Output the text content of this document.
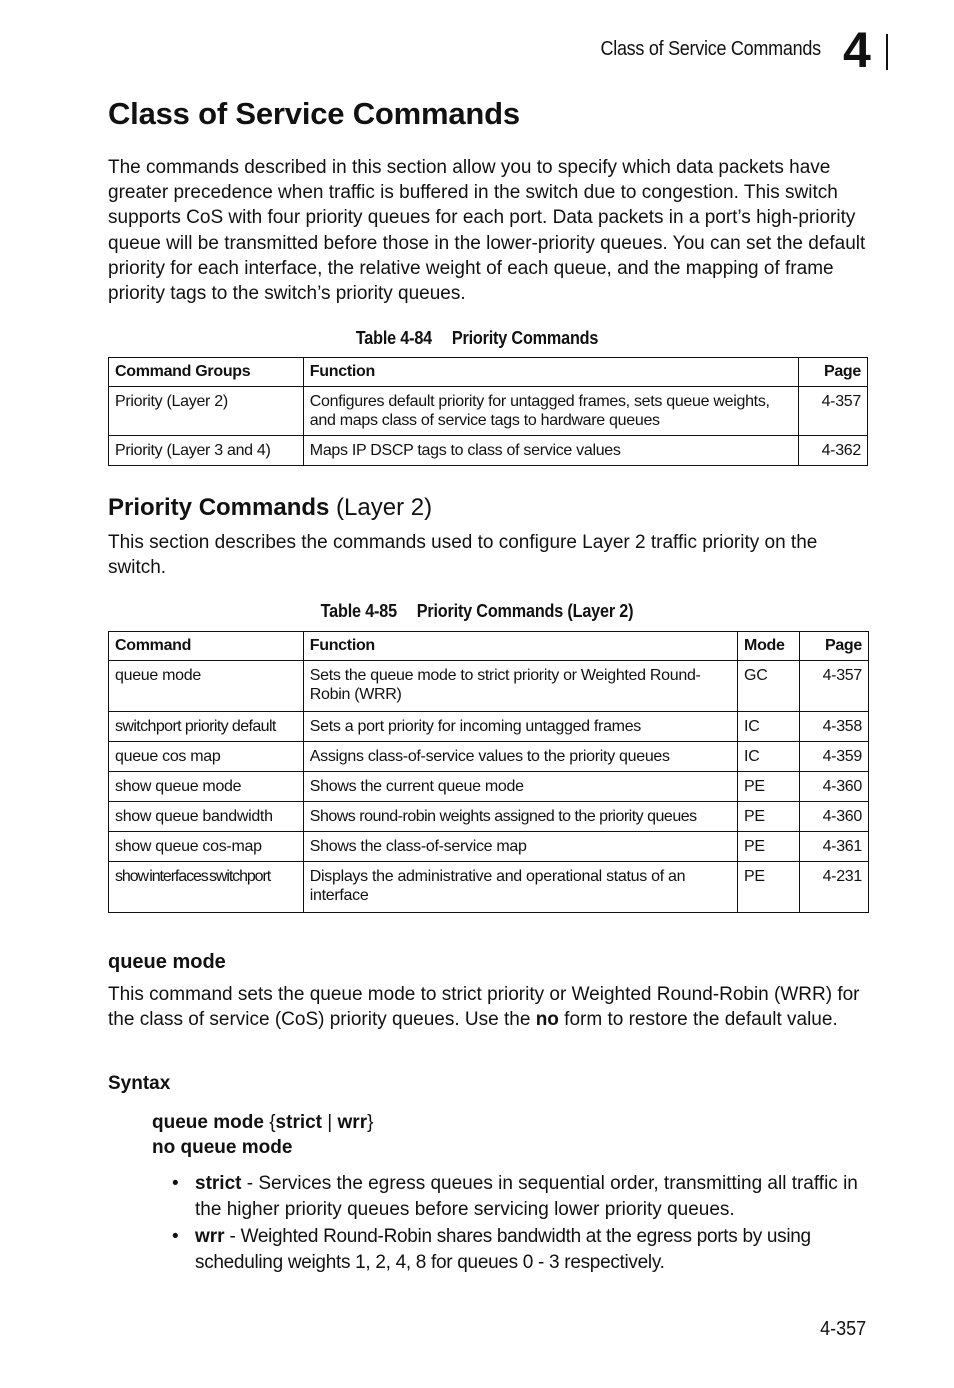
Class of Service Commands 4
Class of Service Commands

The commands described in this section allow you to specify which data packets have greater precedence when traffic is buffered in the switch due to congestion. This switch supports CoS with four priority queues for each port. Data packets in a port’s high-priority queue will be transmitted before those in the lower-priority queues. You can set the default priority for each interface, the relative weight of each queue, and the mapping of frame priority tags to the switch’s priority queues.

Table 4-84 Priority Commands
Command Groups	Function	Page
Priority (Layer 2)	Configures default priority for untagged frames, sets queue weights, and maps class of service tags to hardware queues	4-357
Priority (Layer 3 and 4)	Maps IP DSCP tags to class of service values	4-362
Priority Commands (Layer 2)

This section describes the commands used to configure Layer 2 traffic priority on the switch.

Table 4-85 Priority Commands (Layer 2)
Command	Function	Mode	Page
queue mode	Sets the queue mode to strict priority or Weighted Round-Robin (WRR)	GC	4-357
switchport priority default	Sets a port priority for incoming untagged frames	IC	4-358
queue cos map	Assigns class-of-service values to the priority queues	IC	4-359
show queue mode	Shows the current queue mode	PE	4-360
show queue bandwidth	Shows round-robin weights assigned to the priority queues	PE	4-360
show queue cos-map	Shows the class-of-service map	PE	4-361
show interfaces switchport	Displays the administrative and operational status of an interface	PE	4-231
queue mode

This command sets the queue mode to strict priority or Weighted Round-Robin (WRR) for the class of service (CoS) priority queues. Use the no form to restore the default value.

Syntax
queue mode {strict | wrr}
no queue mode
• strict - Services the egress queues in sequential order, transmitting all traffic in the higher priority queues before servicing lower priority queues.
• wrr - Weighted Round-Robin shares bandwidth at the egress ports by using scheduling weights 1, 2, 4, 8 for queues 0 - 3 respectively.
4-357
